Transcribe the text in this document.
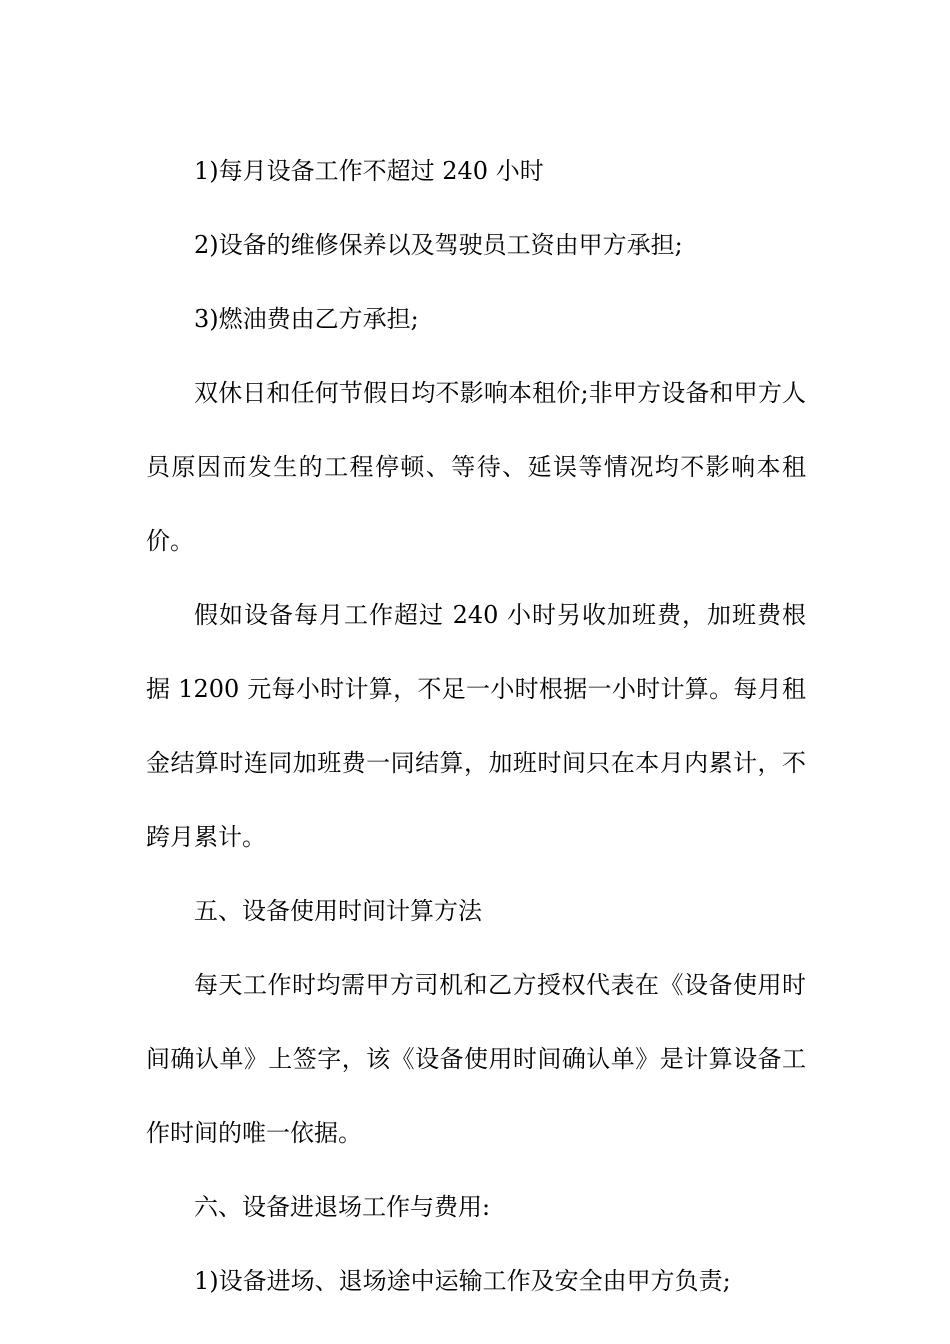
1)每月设备工作不超过 240 小时

2)设备的维修保养以及驾驶员工资由甲方承担;

3)燃油费由乙方承担;

双休日和任何节假日均不影响本租价;非甲方设备和甲方人员原因而发生的工程停顿、等待、延误等情况均不影响本租价。

假如设备每月工作超过 240 小时另收加班费，加班费根据 1200 元每小时计算，不足一小时根据一小时计算。每月租金结算时连同加班费一同结算，加班时间只在本月内累计，不跨月累计。

五、设备使用时间计算方法

每天工作时均需甲方司机和乙方授权代表在《设备使用时间确认单》上签字，该《设备使用时间确认单》是计算设备工作时间的唯一依据。

六、设备进退场工作与费用:

1)设备进场、退场途中运输工作及安全由甲方负责;
